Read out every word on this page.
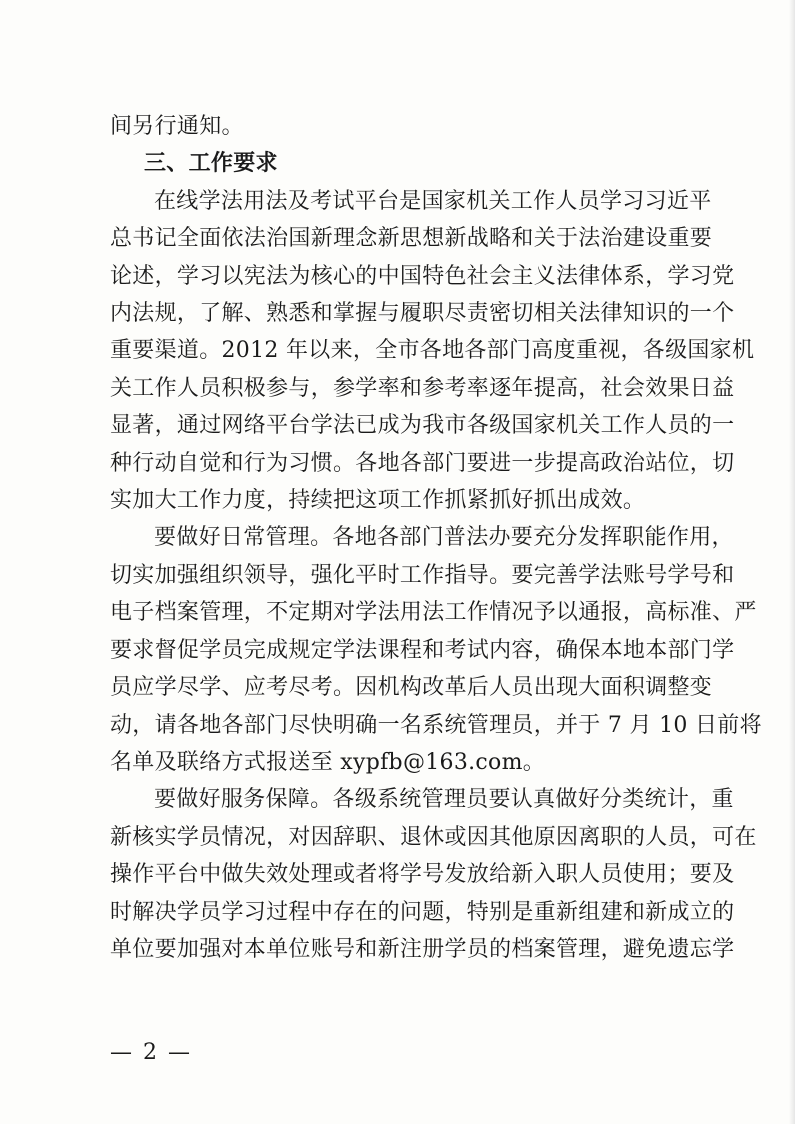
间另行通知。
三、工作要求
在线学法用法及考试平台是国家机关工作人员学习习近平
总书记全面依法治国新理念新思想新战略和关于法治建设重要
论述，学习以宪法为核心的中国特色社会主义法律体系，学习党
内法规，了解、熟悉和掌握与履职尽责密切相关法律知识的一个
重要渠道。2012 年以来，全市各地各部门高度重视，各级国家机
关工作人员积极参与，参学率和参考率逐年提高，社会效果日益
显著，通过网络平台学法已成为我市各级国家机关工作人员的一
种行动自觉和行为习惯。各地各部门要进一步提高政治站位，切
实加大工作力度，持续把这项工作抓紧抓好抓出成效。
要做好日常管理。各地各部门普法办要充分发挥职能作用，
切实加强组织领导，强化平时工作指导。要完善学法账号学号和
电子档案管理，不定期对学法用法工作情况予以通报，高标准、严
要求督促学员完成规定学法课程和考试内容，确保本地本部门学
员应学尽学、应考尽考。因机构改革后人员出现大面积调整变
动，请各地各部门尽快明确一名系统管理员，并于 7 月 10 日前将
名单及联络方式报送至 xypfb@163.com。
要做好服务保障。各级系统管理员要认真做好分类统计，重
新核实学员情况，对因辞职、退休或因其他原因离职的人员，可在
操作平台中做失效处理或者将学号发放给新入职人员使用；要及
时解决学员学习过程中存在的问题，特别是重新组建和新成立的
单位要加强对本单位账号和新注册学员的档案管理，避免遗忘学
— 2 —
